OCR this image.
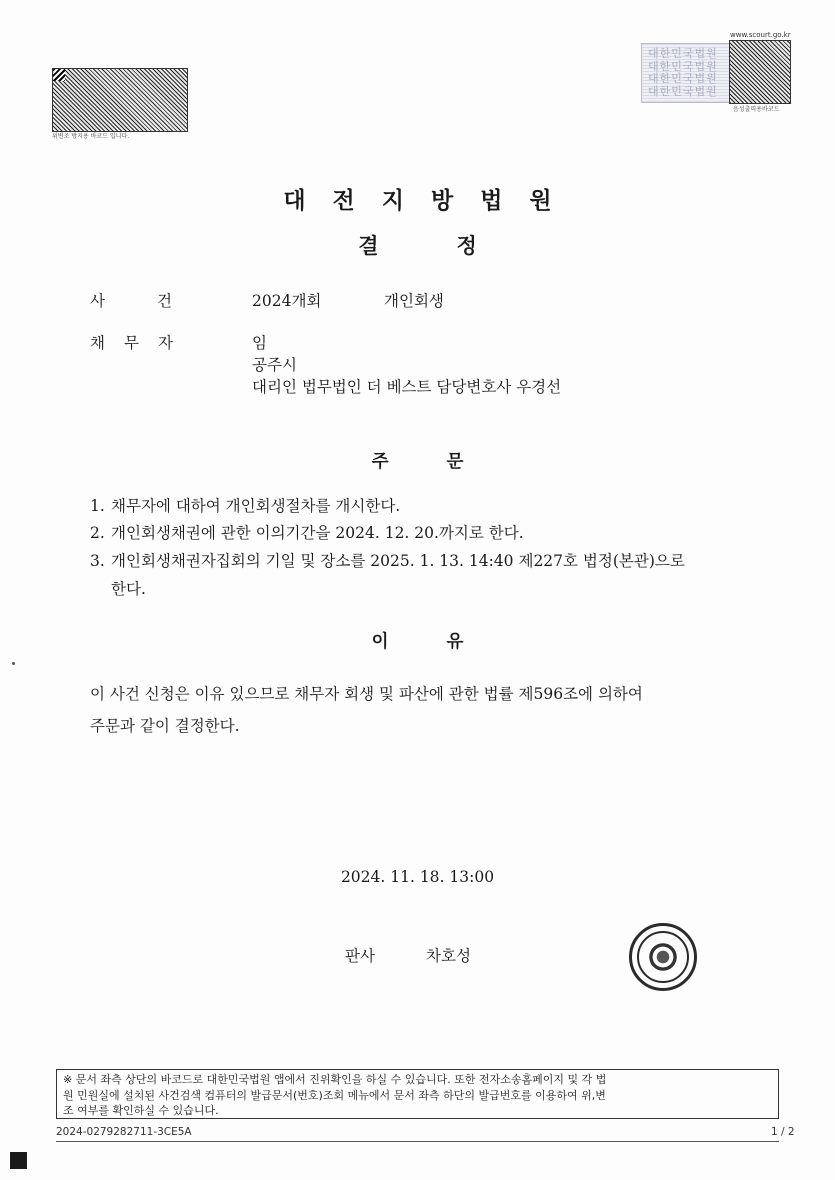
위변조 방지용 바코드 입니다.
www.scourt.go.kr
대한민국법원
대한민국법원
대한민국법원
대한민국법원
음성출력용바코드
대전지방법원
결정
사건 2024개회	개인회생
채무자	임
공주시
대리인 법무법인 더 베스트 담당변호사 우경선
주문
1. 채무자에 대하여 개인회생절차를 개시한다.
2. 개인회생채권에 관한 이의기간을 2024. 12. 20.까지로 한다.
3. 개인회생채권자집회의 기일 및 장소를 2025. 1. 13. 14:40 제227호 법정(본관)으로
한다.
이유
이 사건 신청은 이유 있으므로 채무자 회생 및 파산에 관한 법률 제596조에 의하여
주문과 같이 결정한다.
2024. 11. 18. 13:00
판사	차호성
※ 문서 좌측 상단의 바코드로 대한민국법원 앱에서 진위확인을 하실 수 있습니다. 또한 전자소송홈페이지 및 각 법
원 민원실에 설치된 사건검색 컴퓨터의 발급문서(번호)조회 메뉴에서 문서 좌측 하단의 발급번호를 이용하여 위,변
조 여부를 확인하실 수 있습니다.
2024-0279282711-3CE5A	1 / 2
